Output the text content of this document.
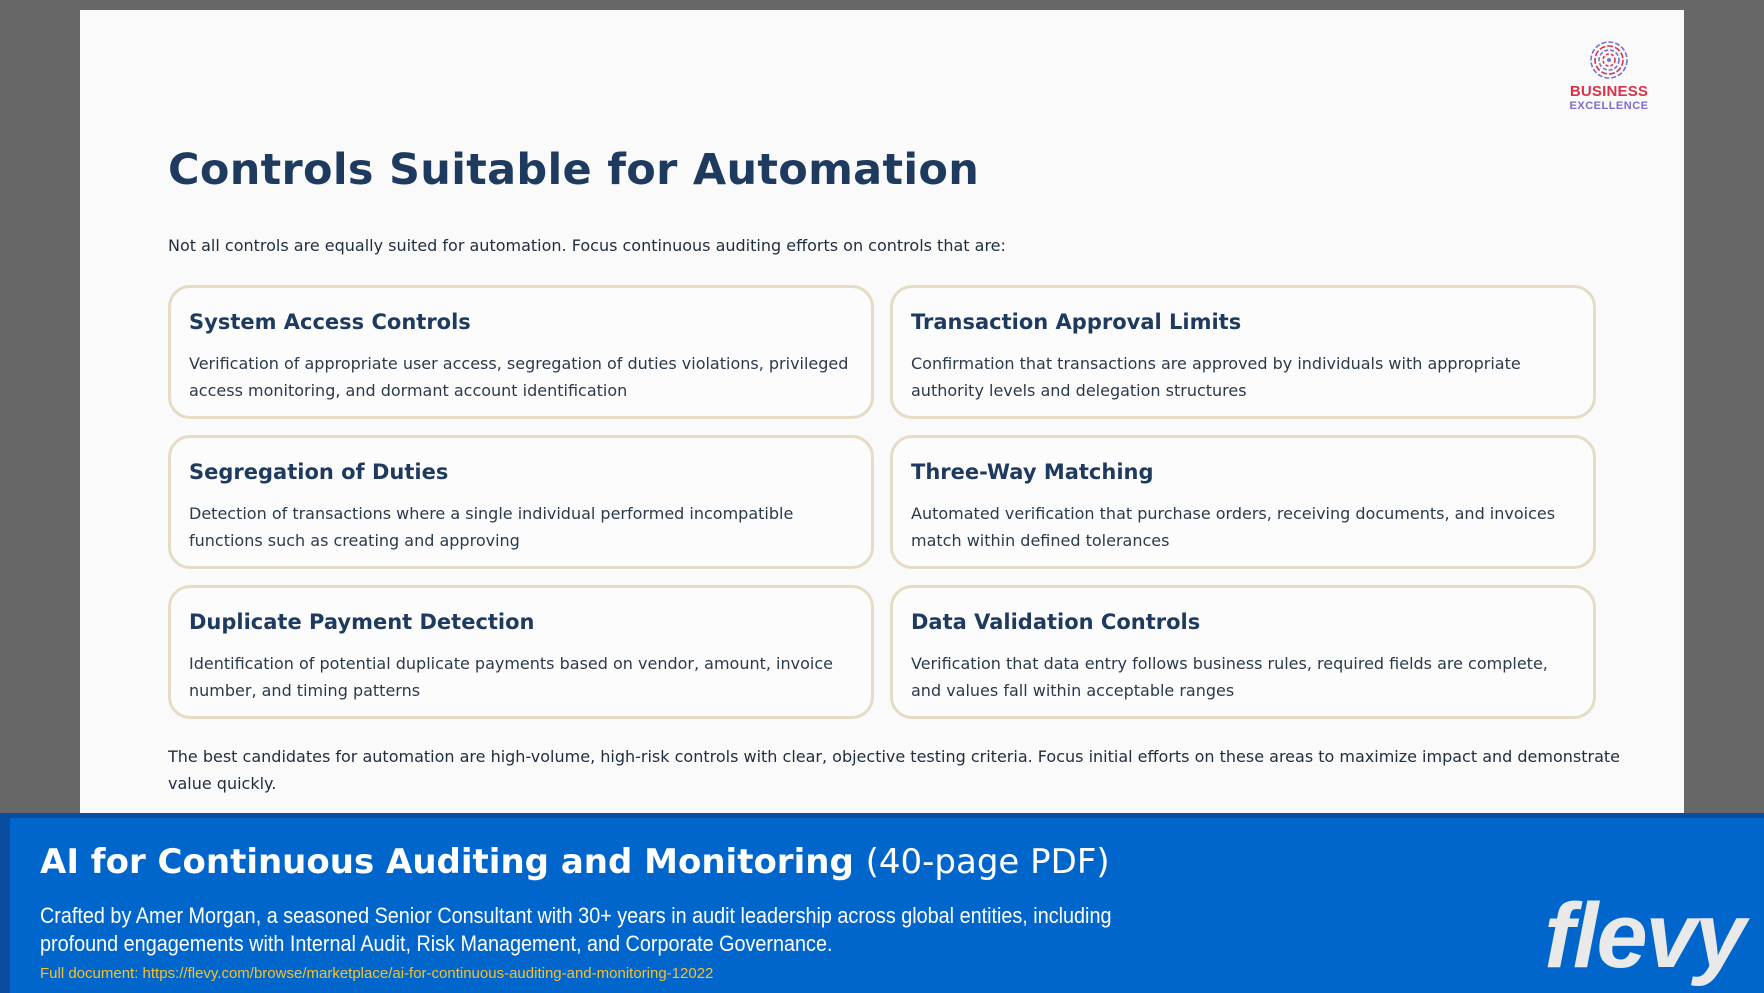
BUSINESS
EXCELLENCE
Controls Suitable for Automation

Not all controls are equally suited for automation. Focus continuous auditing efforts on controls that are:

System Access Controls

Verification of appropriate user access, segregation of duties violations, privileged access monitoring, and dormant account identification

Transaction Approval Limits

Confirmation that transactions are approved by individuals with appropriate authority levels and delegation structures

Segregation of Duties

Detection of transactions where a single individual performed incompatible functions such as creating and approving

Three-Way Matching

Automated verification that purchase orders, receiving documents, and invoices match within defined tolerances

Duplicate Payment Detection

Identification of potential duplicate payments based on vendor, amount, invoice number, and timing patterns

Data Validation Controls

Verification that data entry follows business rules, required fields are complete, and values fall within acceptable ranges

The best candidates for automation are high-volume, high-risk controls with clear, objective testing criteria. Focus initial efforts on these areas to maximize impact and demonstrate value quickly.

AI for Continuous Auditing and Monitoring (40-page PDF)

Crafted by Amer Morgan, a seasoned Senior Consultant with 30+ years in audit leadership across global entities, including profound engagements with Internal Audit, Risk Management, and Corporate Governance.

Full document: https://flevy.com/browse/marketplace/ai-for-continuous-auditing-and-monitoring-12022	flevy
